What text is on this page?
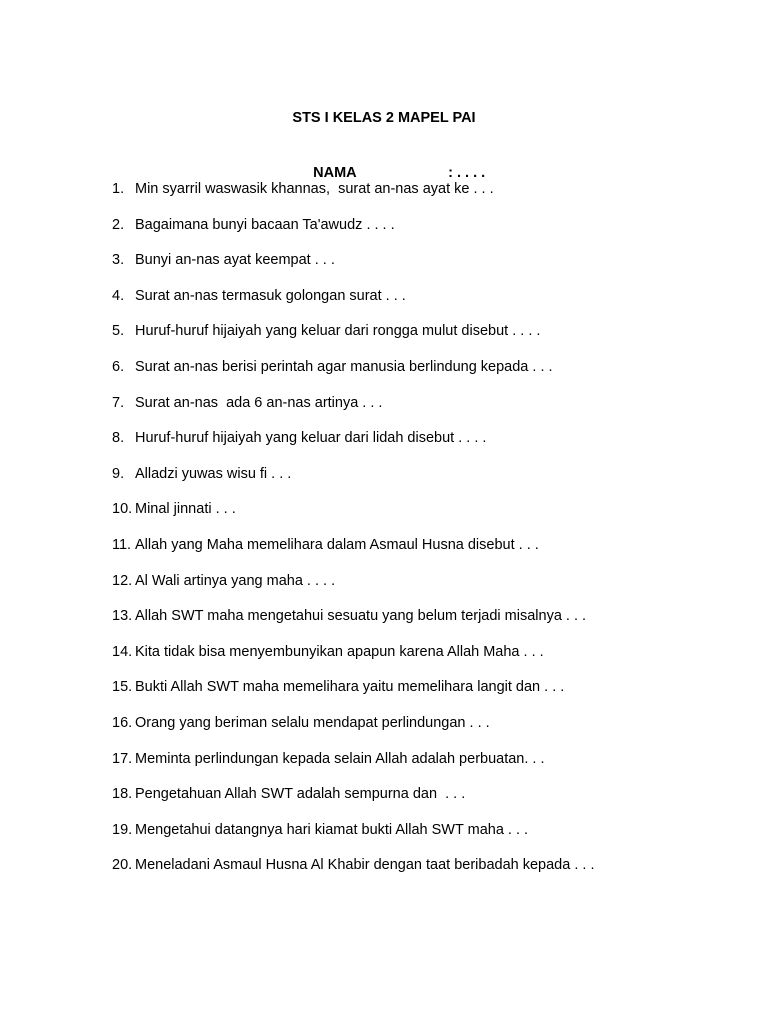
STS I KELAS 2 MAPEL PAI

NAMA	: . . . .

1. Min syarril waswasik khannas,  surat an-nas ayat ke . . .
2. Bagaimana bunyi bacaan Ta'awudz . . . .
3. Bunyi an-nas ayat keempat . . .
4. Surat an-nas termasuk golongan surat . . .
5. Huruf-huruf hijaiyah yang keluar dari rongga mulut disebut . . . .
6. Surat an-nas berisi perintah agar manusia berlindung kepada . . .
7. Surat an-nas  ada 6 an-nas artinya . . .
8. Huruf-huruf hijaiyah yang keluar dari lidah disebut . . . .
9. Alladzi yuwas wisu fi . . .
10. Minal jinnati . . .
11. Allah yang Maha memelihara dalam Asmaul Husna disebut . . .
12. Al Wali artinya yang maha . . . .
13. Allah SWT maha mengetahui sesuatu yang belum terjadi misalnya . . .
14. Kita tidak bisa menyembunyikan apapun karena Allah Maha . . .
15. Bukti Allah SWT maha memelihara yaitu memelihara langit dan . . .
16. Orang yang beriman selalu mendapat perlindungan . . .
17. Meminta perlindungan kepada selain Allah adalah perbuatan. . .
18. Pengetahuan Allah SWT adalah sempurna dan  . . .
19. Mengetahui datangnya hari kiamat bukti Allah SWT maha . . .
20. Meneladani Asmaul Husna Al Khabir dengan taat beribadah kepada . . .
